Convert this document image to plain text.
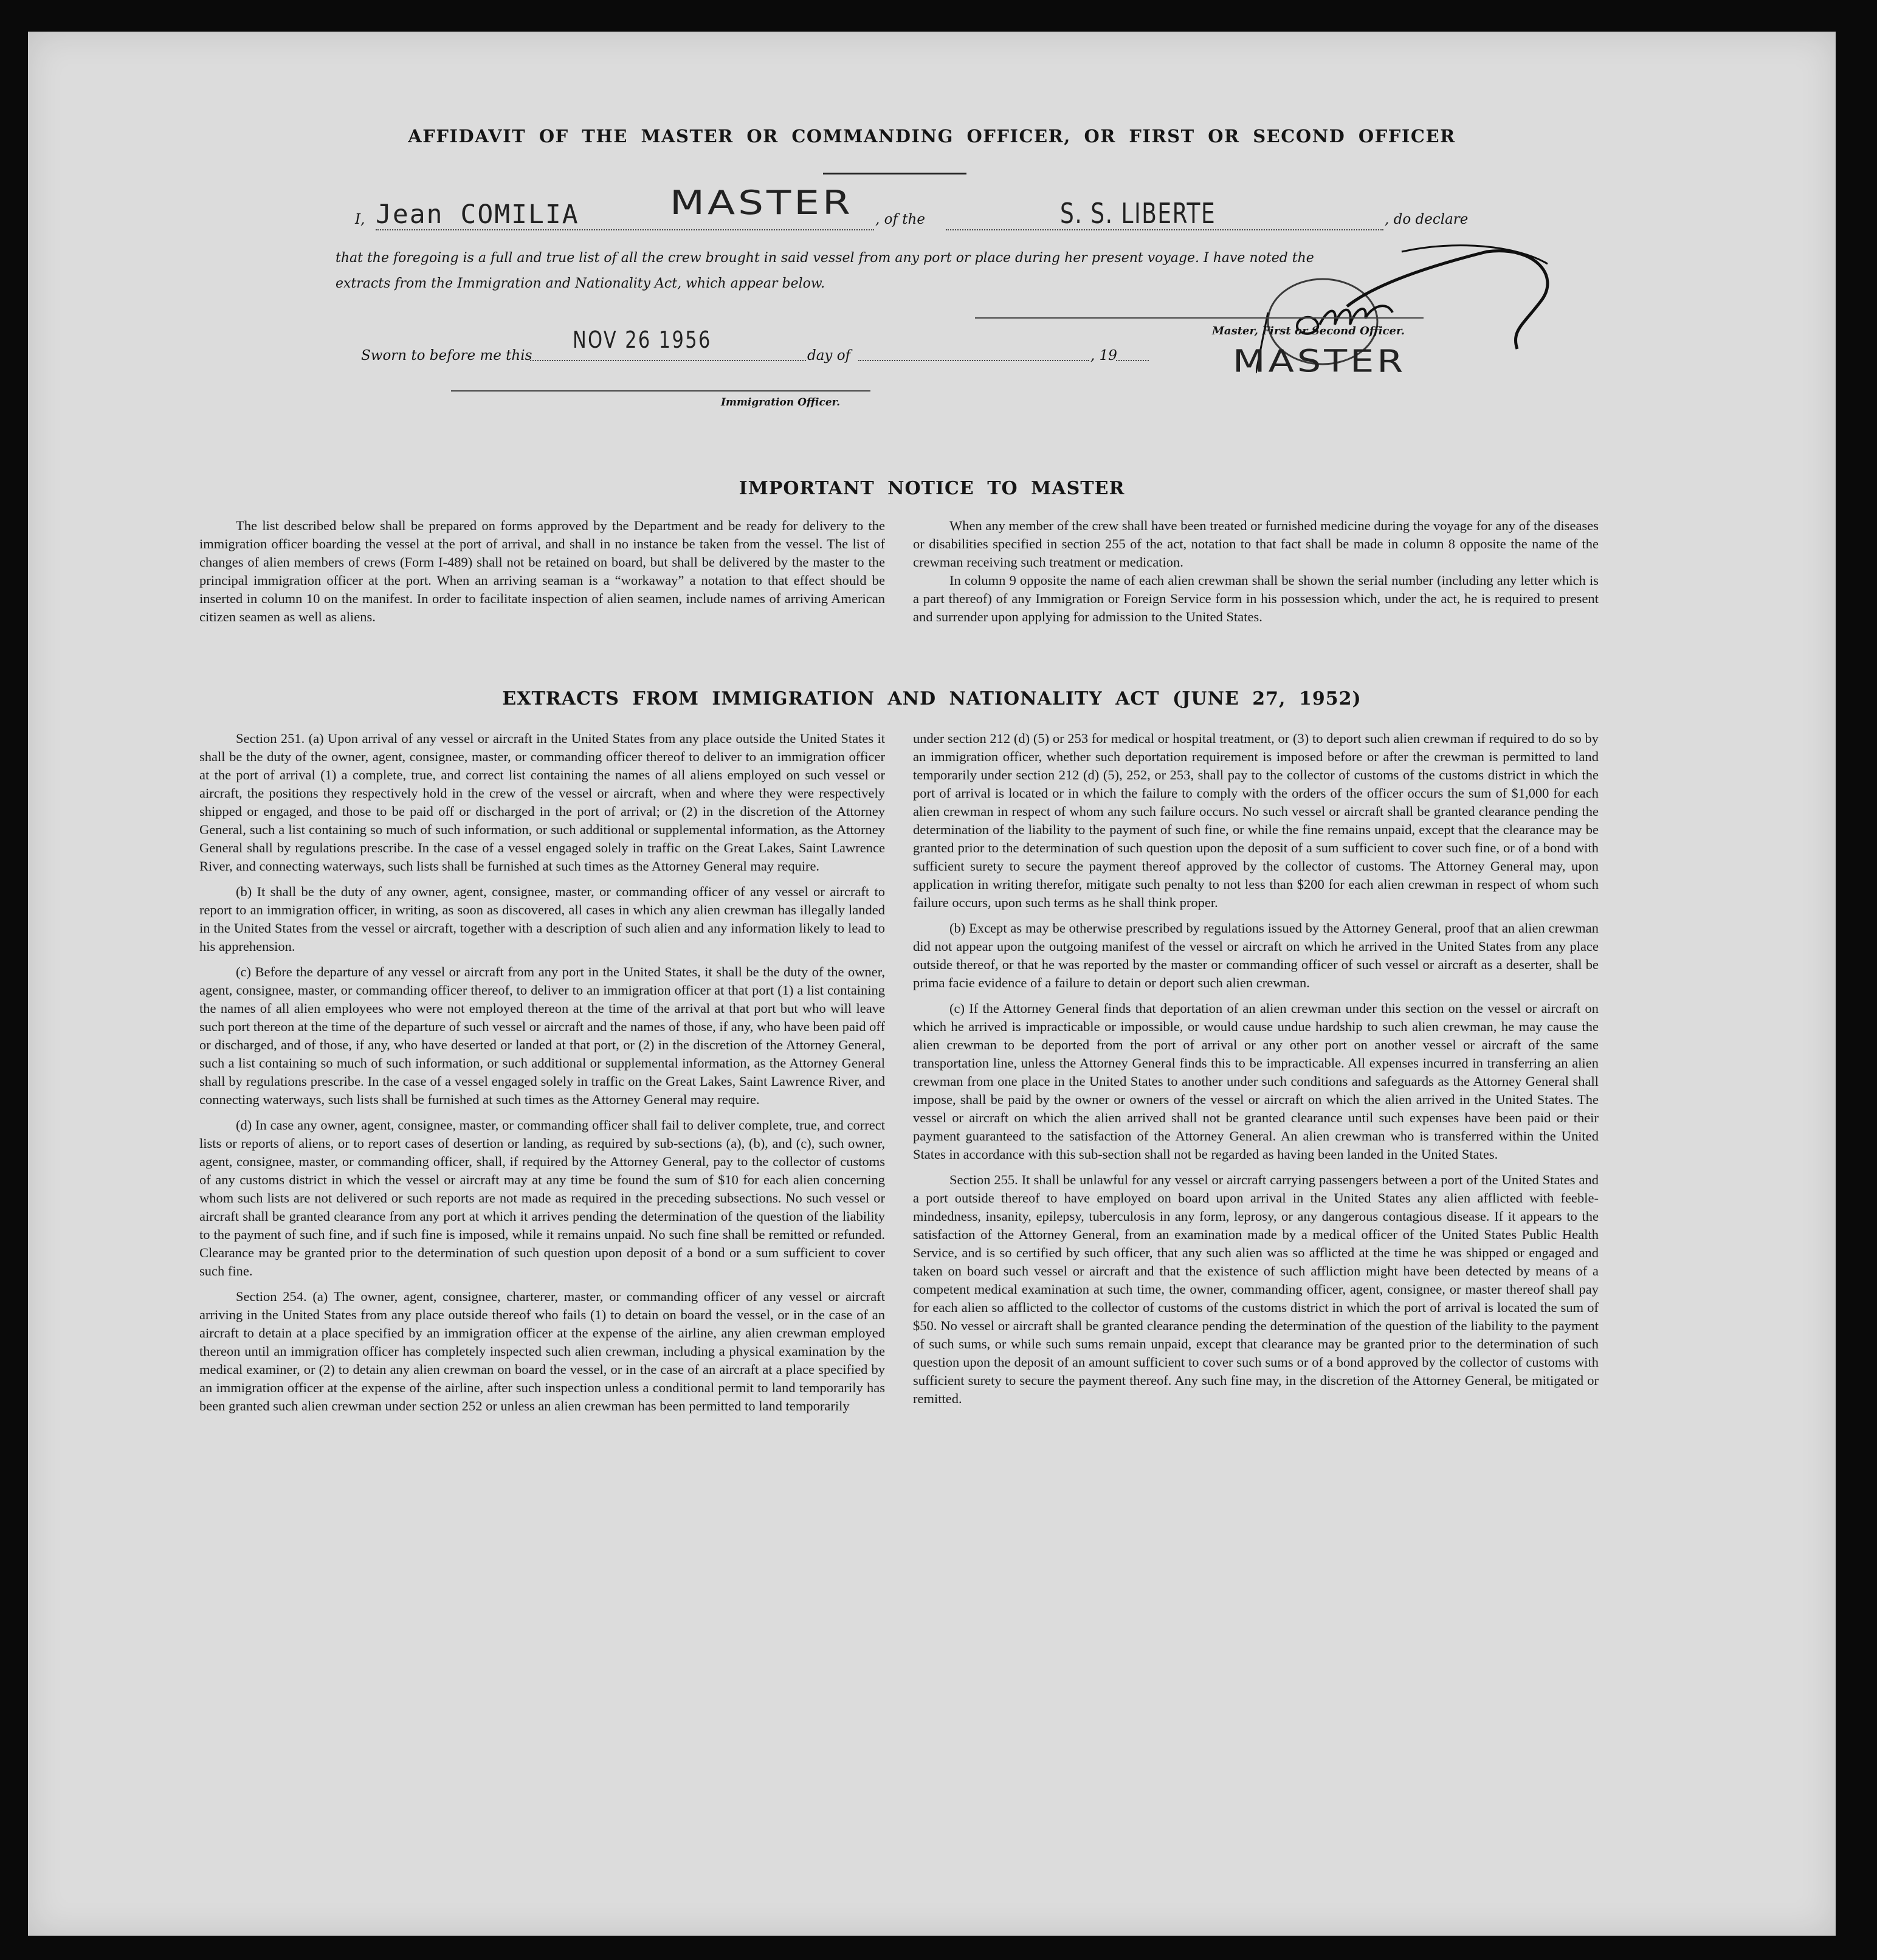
AFFIDAVIT OF THE MASTER OR COMMANDING OFFICER, OR FIRST OR SECOND OFFICER
I, Jean COMILIA MASTER , of the	S. S. LIBERTE	, do declare
that the foregoing is a full and true list of all the crew brought in said vessel from any port or place during her present voyage. I have noted the
extracts from the Immigration and Nationality Act, which appear below.
Master, First or Second Officer.
MASTER
Sworn to before me this
NOV 26 1956
day of	, 19
Immigration Officer.
IMPORTANT NOTICE TO MASTER

The list described below shall be prepared on forms approved by the Department and be ready for delivery to the immigration officer boarding the vessel at the port of arrival, and shall in no instance be taken from the vessel. The list of changes of alien members of crews (Form I-489) shall not be retained on board, but shall be delivered by the master to the principal immigration officer at the port. When an arriving seaman is a “workaway” a notation to that effect should be inserted in column 10 on the manifest. In order to facilitate inspection of alien seamen, include names of arriving American citizen seamen as well as aliens.

When any member of the crew shall have been treated or furnished medicine during the voyage for any of the diseases or disabilities specified in section 255 of the act, notation to that fact shall be made in column 8 opposite the name of the crewman receiving such treatment or medication.

In column 9 opposite the name of each alien crewman shall be shown the serial number (including any letter which is a part thereof) of any Immigration or Foreign Service form in his possession which, under the act, he is required to present and surrender upon applying for admission to the United States.

EXTRACTS FROM IMMIGRATION AND NATIONALITY ACT (JUNE 27, 1952)

Section 251. (a) Upon arrival of any vessel or aircraft in the United States from any place outside the United States it shall be the duty of the owner, agent, consignee, master, or commanding officer thereof to deliver to an immigration officer at the port of arrival (1) a complete, true, and correct list containing the names of all aliens employed on such vessel or aircraft, the positions they respectively hold in the crew of the vessel or aircraft, when and where they were respectively shipped or engaged, and those to be paid off or discharged in the port of arrival; or (2) in the discretion of the Attorney General, such a list containing so much of such information, or such additional or supplemental information, as the Attorney General shall by regulations prescribe. In the case of a vessel engaged solely in traffic on the Great Lakes, Saint Lawrence River, and connecting waterways, such lists shall be furnished at such times as the Attorney General may require.

(b) It shall be the duty of any owner, agent, consignee, master, or commanding officer of any vessel or aircraft to report to an immigration officer, in writing, as soon as discovered, all cases in which any alien crewman has illegally landed in the United States from the vessel or aircraft, together with a description of such alien and any information likely to lead to his apprehension.

(c) Before the departure of any vessel or aircraft from any port in the United States, it shall be the duty of the owner, agent, consignee, master, or commanding officer thereof, to deliver to an immigration officer at that port (1) a list containing the names of all alien employees who were not employed thereon at the time of the arrival at that port but who will leave such port thereon at the time of the departure of such vessel or aircraft and the names of those, if any, who have been paid off or discharged, and of those, if any, who have deserted or landed at that port, or (2) in the discretion of the Attorney General, such a list containing so much of such information, or such additional or supplemental information, as the Attorney General shall by regulations prescribe. In the case of a vessel engaged solely in traffic on the Great Lakes, Saint Lawrence River, and connecting waterways, such lists shall be furnished at such times as the Attorney General may require.

(d) In case any owner, agent, consignee, master, or commanding officer shall fail to deliver complete, true, and correct lists or reports of aliens, or to report cases of desertion or landing, as required by sub-sections (a), (b), and (c), such owner, agent, consignee, master, or commanding officer, shall, if required by the Attorney General, pay to the collector of customs of any customs district in which the vessel or aircraft may at any time be found the sum of $10 for each alien concerning whom such lists are not delivered or such reports are not made as required in the preceding subsections. No such vessel or aircraft shall be granted clearance from any port at which it arrives pending the determination of the question of the liability to the payment of such fine, and if such fine is imposed, while it remains unpaid. No such fine shall be remitted or refunded. Clearance may be granted prior to the determination of such question upon deposit of a bond or a sum sufficient to cover such fine.

Section 254. (a) The owner, agent, consignee, charterer, master, or commanding officer of any vessel or aircraft arriving in the United States from any place outside thereof who fails (1) to detain on board the vessel, or in the case of an aircraft to detain at a place specified by an immigration officer at the expense of the airline, any alien crewman employed thereon until an immigration officer has completely inspected such alien crewman, including a physical examination by the medical examiner, or (2) to detain any alien crewman on board the vessel, or in the case of an aircraft at a place specified by an immigration officer at the expense of the airline, after such inspection unless a conditional permit to land temporarily has been granted such alien crewman under section 252 or unless an alien crewman has been permitted to land temporarily

under section 212 (d) (5) or 253 for medical or hospital treatment, or (3) to deport such alien crewman if required to do so by an immigration officer, whether such deportation requirement is imposed before or after the crewman is permitted to land temporarily under section 212 (d) (5), 252, or 253, shall pay to the collector of customs of the customs district in which the port of arrival is located or in which the failure to comply with the orders of the officer occurs the sum of $1,000 for each alien crewman in respect of whom any such failure occurs. No such vessel or aircraft shall be granted clearance pending the determination of the liability to the payment of such fine, or while the fine remains unpaid, except that the clearance may be granted prior to the determination of such question upon the deposit of a sum sufficient to cover such fine, or of a bond with sufficient surety to secure the payment thereof approved by the collector of customs. The Attorney General may, upon application in writing therefor, mitigate such penalty to not less than $200 for each alien crewman in respect of whom such failure occurs, upon such terms as he shall think proper.

(b) Except as may be otherwise prescribed by regulations issued by the Attorney General, proof that an alien crewman did not appear upon the outgoing manifest of the vessel or aircraft on which he arrived in the United States from any place outside thereof, or that he was reported by the master or commanding officer of such vessel or aircraft as a deserter, shall be prima facie evidence of a failure to detain or deport such alien crewman.

(c) If the Attorney General finds that deportation of an alien crewman under this section on the vessel or aircraft on which he arrived is impracticable or impossible, or would cause undue hardship to such alien crewman, he may cause the alien crewman to be deported from the port of arrival or any other port on another vessel or aircraft of the same transportation line, unless the Attorney General finds this to be impracticable. All expenses incurred in transferring an alien crewman from one place in the United States to another under such conditions and safeguards as the Attorney General shall impose, shall be paid by the owner or owners of the vessel or aircraft on which the alien arrived in the United States. The vessel or aircraft on which the alien arrived shall not be granted clearance until such expenses have been paid or their payment guaranteed to the satisfaction of the Attorney General. An alien crewman who is transferred within the United States in accordance with this sub-section shall not be regarded as having been landed in the United States.

Section 255. It shall be unlawful for any vessel or aircraft carrying passengers between a port of the United States and a port outside thereof to have employed on board upon arrival in the United States any alien afflicted with feeble-mindedness, insanity, epilepsy, tuberculosis in any form, leprosy, or any dangerous contagious disease. If it appears to the satisfaction of the Attorney General, from an examination made by a medical officer of the United States Public Health Service, and is so certified by such officer, that any such alien was so afflicted at the time he was shipped or engaged and taken on board such vessel or aircraft and that the existence of such affliction might have been detected by means of a competent medical examination at such time, the owner, commanding officer, agent, consignee, or master thereof shall pay for each alien so afflicted to the collector of customs of the customs district in which the port of arrival is located the sum of $50. No vessel or aircraft shall be granted clearance pending the determination of the question of the liability to the payment of such sums, or while such sums remain unpaid, except that clearance may be granted prior to the determination of such question upon the deposit of an amount sufficient to cover such sums or of a bond approved by the collector of customs with sufficient surety to secure the payment thereof. Any such fine may, in the discretion of the Attorney General, be mitigated or remitted.
